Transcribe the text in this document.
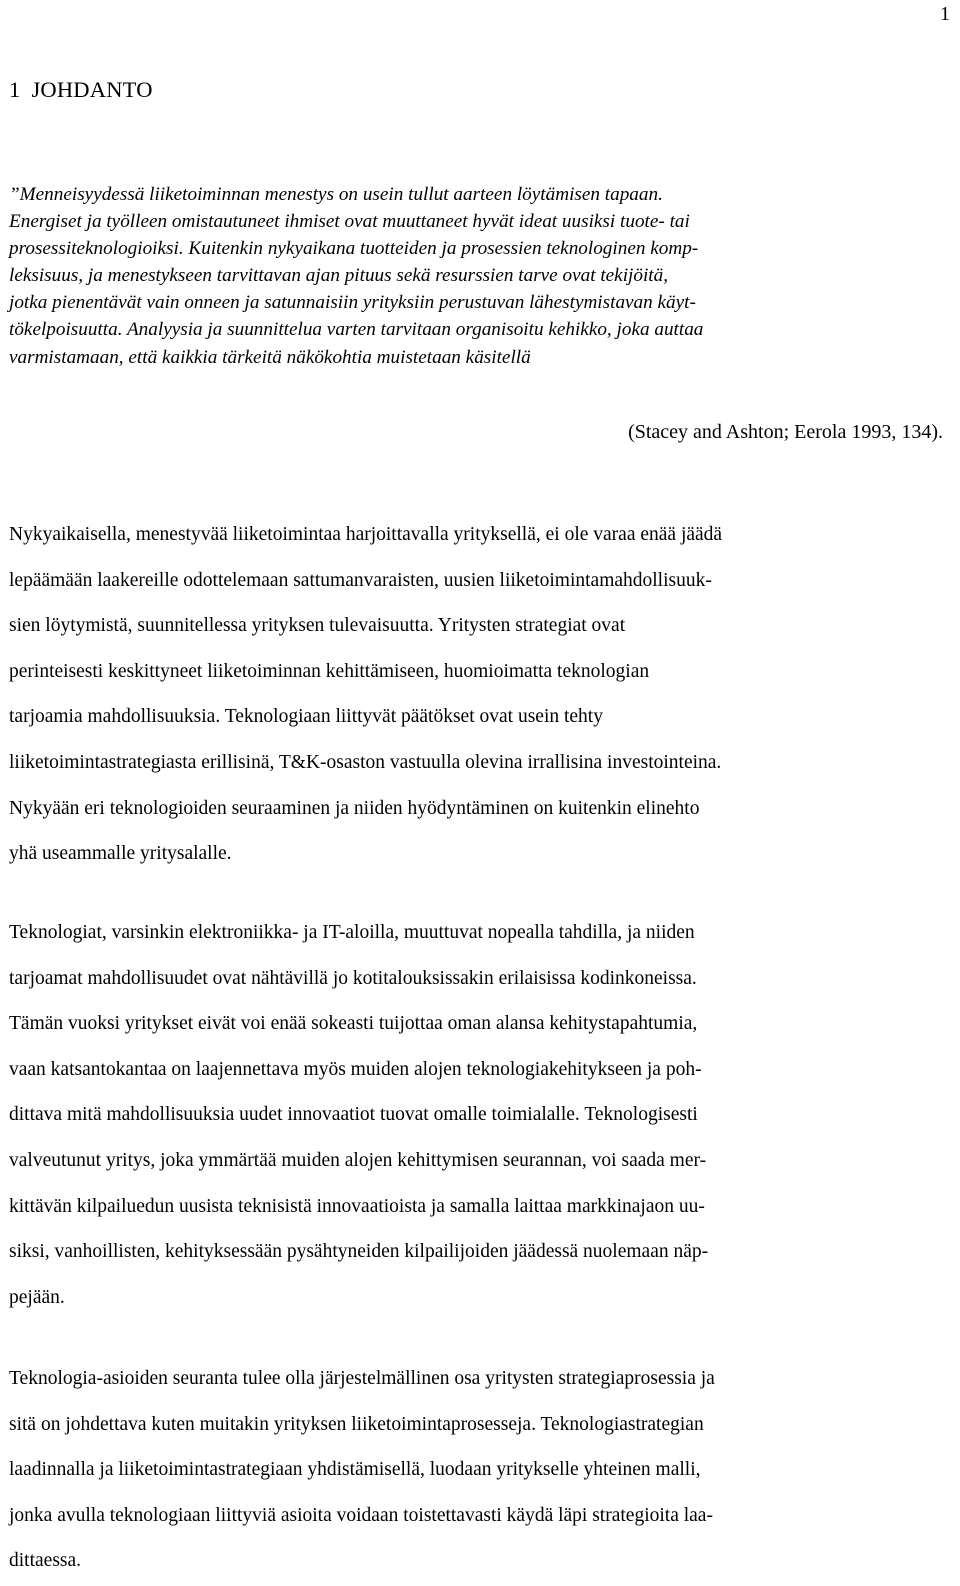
1
1 JOHDANTO

”Menneisyydessä liiketoiminnan menestys on usein tullut aarteen löytämisen tapaan.
Energiset ja työlleen omistautuneet ihmiset ovat muuttaneet hyvät ideat uusiksi tuote- tai
prosessiteknologioiksi. Kuitenkin nykyaikana tuotteiden ja prosessien teknologinen komp-
leksisuus, ja menestykseen tarvittavan ajan pituus sekä resurssien tarve ovat tekijöitä,
jotka pienentävät vain onneen ja satunnaisiin yrityksiin perustuvan lähestymistavan käyt-
tökelpoisuutta. Analyysia ja suunnittelua varten tarvitaan organisoitu kehikko, joka auttaa
varmistamaan, että kaikkia tärkeitä näkökohtia muistetaan käsitellä

(Stacey and Ashton; Eerola 1993, 134).

Nykyaikaisella, menestyvää liiketoimintaa harjoittavalla yrityksellä, ei ole varaa enää jäädä
lepäämään laakereille odottelemaan sattumanvaraisten, uusien liiketoimintamahdollisuuk-
sien löytymistä, suunnitellessa yrityksen tulevaisuutta. Yritysten strategiat ovat
perinteisesti keskittyneet liiketoiminnan kehittämiseen, huomioimatta teknologian
tarjoamia mahdollisuuksia. Teknologiaan liittyvät päätökset ovat usein tehty
liiketoimintastrategiasta erillisinä, T&K-osaston vastuulla olevina irrallisina investointeina.
Nykyään eri teknologioiden seuraaminen ja niiden hyödyntäminen on kuitenkin elinehto
yhä useammalle yritysalalle.

Teknologiat, varsinkin elektroniikka- ja IT-aloilla, muuttuvat nopealla tahdilla, ja niiden
tarjoamat mahdollisuudet ovat nähtävillä jo kotitalouksissakin erilaisissa kodinkoneissa.
Tämän vuoksi yritykset eivät voi enää sokeasti tuijottaa oman alansa kehitystapahtumia,
vaan katsantokantaa on laajennettava myös muiden alojen teknologiakehitykseen ja poh-
dittava mitä mahdollisuuksia uudet innovaatiot tuovat omalle toimialalle. Teknologisesti
valveutunut yritys, joka ymmärtää muiden alojen kehittymisen seurannan, voi saada mer-
kittävän kilpailuedun uusista teknisistä innovaatioista ja samalla laittaa markkinajaon uu-
siksi, vanhoillisten, kehityksessään pysähtyneiden kilpailijoiden jäädessä nuolemaan näp-
pejään.

Teknologia-asioiden seuranta tulee olla järjestelmällinen osa yritysten strategiaprosessia ja
sitä on johdettava kuten muitakin yrityksen liiketoimintaprosesseja. Teknologiastrategian
laadinnalla ja liiketoimintastrategiaan yhdistämisellä, luodaan yritykselle yhteinen malli,
jonka avulla teknologiaan liittyviä asioita voidaan toistettavasti käydä läpi strategioita laa-
dittaessa.
